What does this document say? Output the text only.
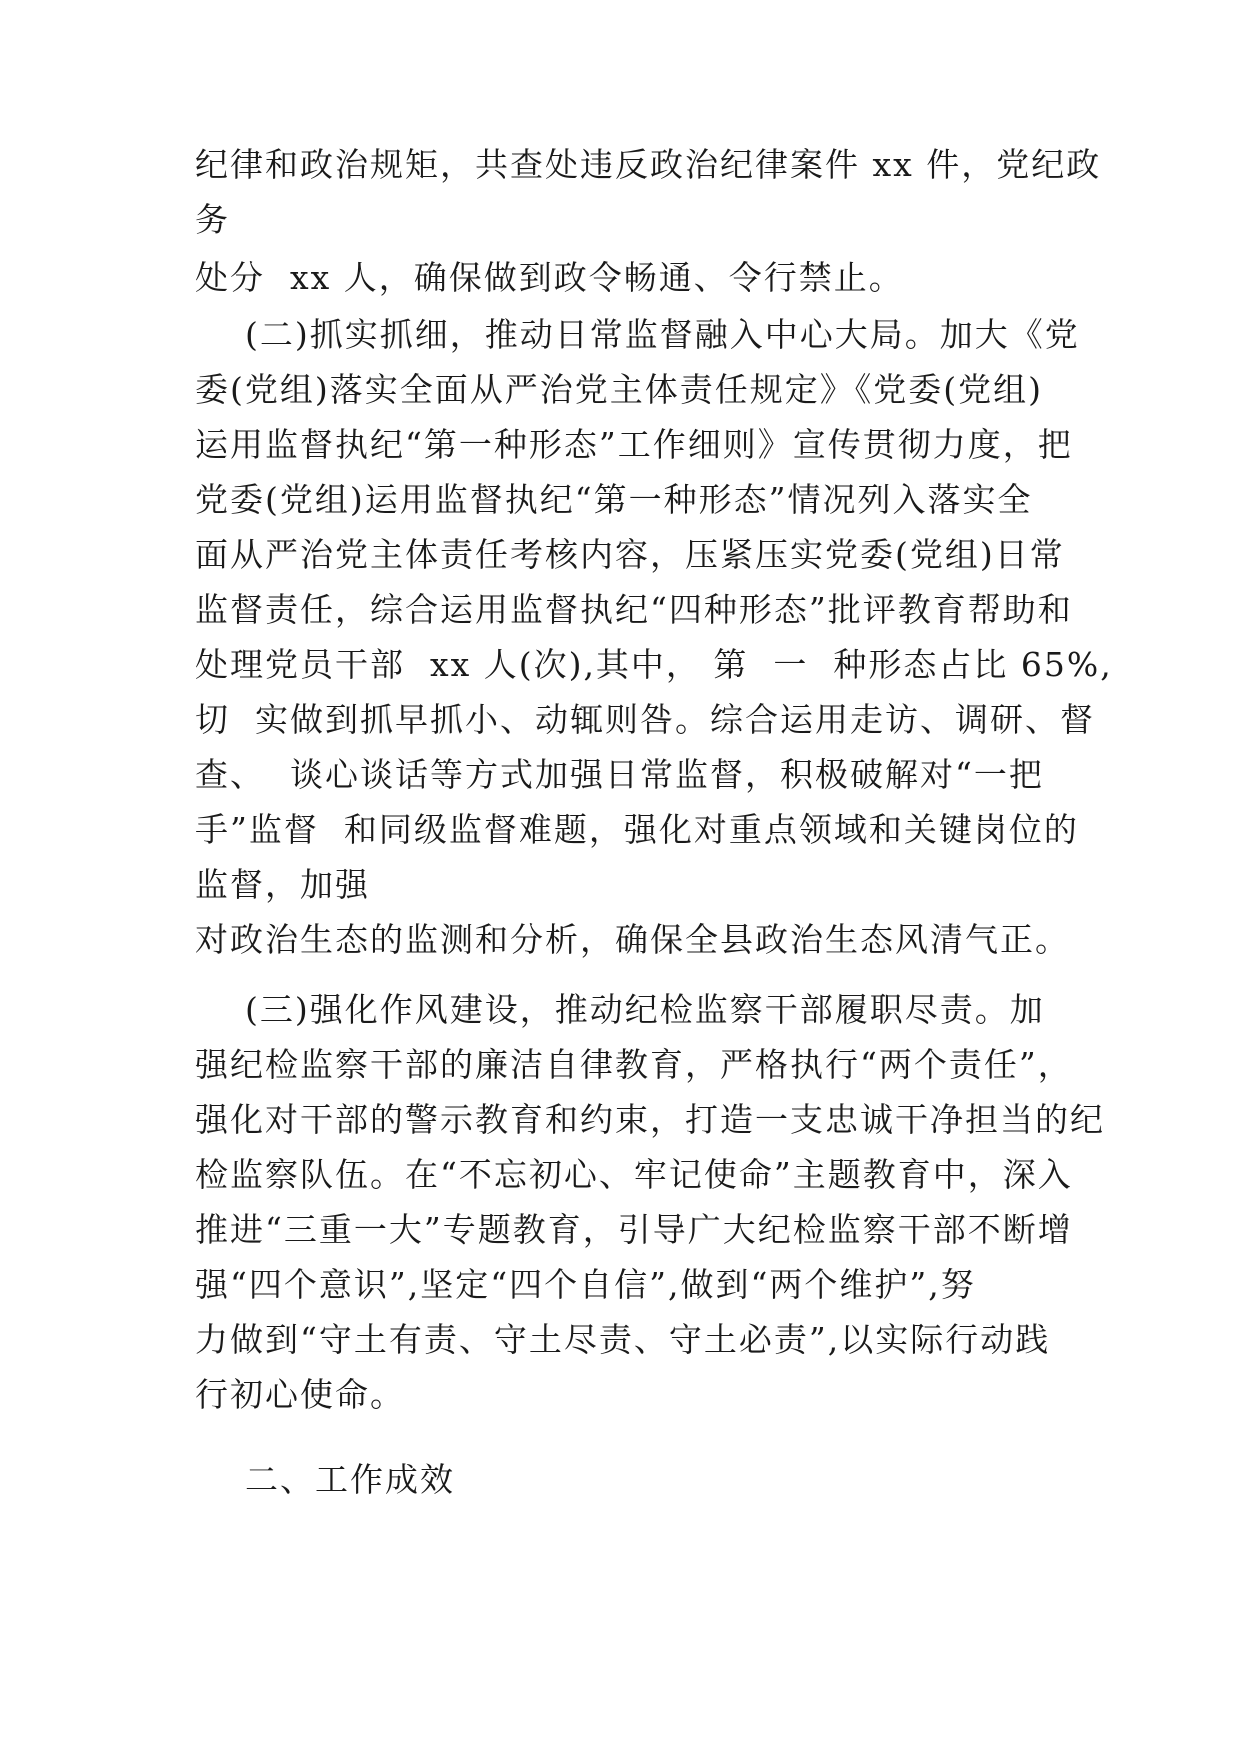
纪律和政治规矩，共查处违反政治纪律案件 xx 件，党纪政
务
处分  xx 人，确保做到政令畅通、令行禁止。
(二)抓实抓细，推动日常监督融入中心大局。加大《党
委(党组)落实全面从严治党主体责任规定》《党委(党组)
运用监督执纪“第一种形态”工作细则》宣传贯彻力度，把
党委(党组)运用监督执纪“第一种形态”情况列入落实全
面从严治党主体责任考核内容，压紧压实党委(党组)日常
监督责任，综合运用监督执纪“四种形态”批评教育帮助和
处理党员干部  xx 人(次),其中， 第  一  种形态占比 65%,
切  实做到抓早抓小、动辄则咎。综合运用走访、调研、督
查、  谈心谈话等方式加强日常监督，积极破解对“一把
手”监督  和同级监督难题，强化对重点领域和关键岗位的
监督，加强
对政治生态的监测和分析，确保全县政治生态风清气正。
(三)强化作风建设，推动纪检监察干部履职尽责。加
强纪检监察干部的廉洁自律教育，严格执行“两个责任”，
强化对干部的警示教育和约束，打造一支忠诚干净担当的纪
检监察队伍。在“不忘初心、牢记使命”主题教育中，深入
推进“三重一大”专题教育，引导广大纪检监察干部不断增
强“四个意识”,坚定“四个自信”,做到“两个维护”,努
力做到“守土有责、守土尽责、守土必责”,以实际行动践
行初心使命。
二、工作成效
